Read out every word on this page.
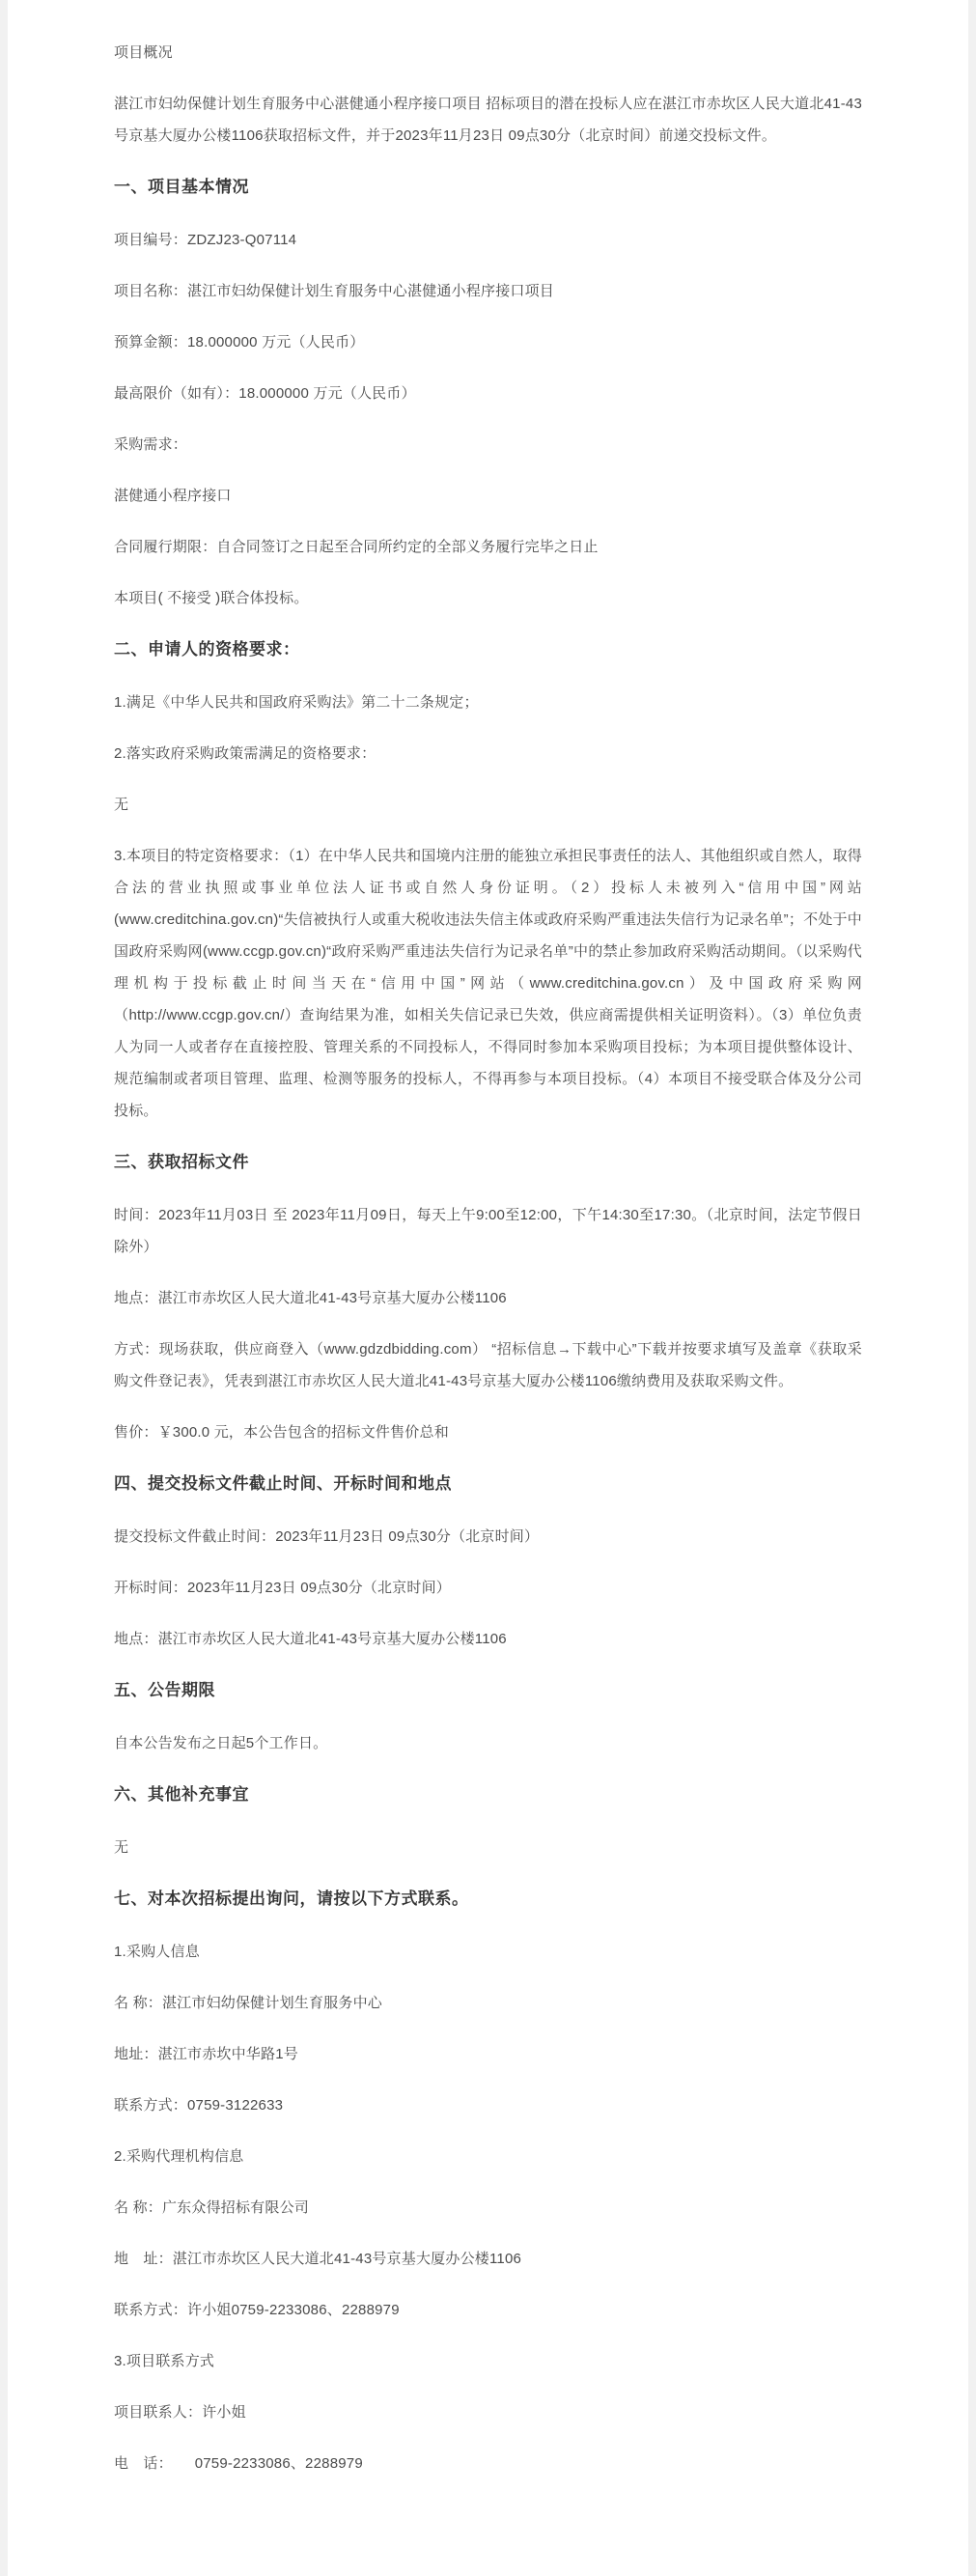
项目概况

湛江市妇幼保健计划生育服务中心湛健通小程序接口项目 招标项目的潜在投标人应在湛江市赤坎区人民大道北41-43号京基大厦办公楼1106获取招标文件，并于2023年11月23日 09点30分（北京时间）前递交投标文件。

一、项目基本情况

项目编号：ZDZJ23-Q07114

项目名称：湛江市妇幼保健计划生育服务中心湛健通小程序接口项目

预算金额：18.000000 万元（人民币）

最高限价（如有）：18.000000 万元（人民币）

采购需求：

湛健通小程序接口

合同履行期限：自合同签订之日起至合同所约定的全部义务履行完毕之日止

本项目( 不接受 )联合体投标。

二、申请人的资格要求：

1.满足《中华人民共和国政府采购法》第二十二条规定；

2.落实政府采购政策需满足的资格要求：

无

3.本项目的特定资格要求：（1）在中华人民共和国境内注册的能独立承担民事责任的法人、其他组织或自然人，取得合法的营业执照或事业单位法人证书或自然人身份证明。（2）投标人未被列入“信用中国”网站(www.creditchina.gov.cn)“失信被执行人或重大税收违法失信主体或政府采购严重违法失信行为记录名单”；不处于中国政府采购网(www.ccgp.gov.cn)“政府采购严重违法失信行为记录名单”中的禁止参加政府采购活动期间。（以采购代理机构于投标截止时间当天在“信用中国”网站（www.creditchina.gov.cn）及中国政府采购网（http://www.ccgp.gov.cn/）查询结果为准，如相关失信记录已失效，供应商需提供相关证明资料）。（3）单位负责人为同一人或者存在直接控股、管理关系的不同投标人，不得同时参加本采购项目投标；为本项目提供整体设计、规范编制或者项目管理、监理、检测等服务的投标人，不得再参与本项目投标。（4）本项目不接受联合体及分公司投标。

三、获取招标文件

时间：2023年11月03日 至 2023年11月09日，每天上午9:00至12:00，下午14:30至17:30。（北京时间，法定节假日除外）

地点：湛江市赤坎区人民大道北41-43号京基大厦办公楼1106

方式：现场获取，供应商登入（www.gdzdbidding.com） “招标信息→下载中心”下载并按要求填写及盖章《获取采购文件登记表》，凭表到湛江市赤坎区人民大道北41-43号京基大厦办公楼1106缴纳费用及获取采购文件。

售价：￥300.0 元，本公告包含的招标文件售价总和

四、提交投标文件截止时间、开标时间和地点

提交投标文件截止时间：2023年11月23日 09点30分（北京时间）

开标时间：2023年11月23日 09点30分（北京时间）

地点：湛江市赤坎区人民大道北41-43号京基大厦办公楼1106

五、公告期限

自本公告发布之日起5个工作日。

六、其他补充事宜

无

七、对本次招标提出询问，请按以下方式联系。

1.采购人信息

名 称：湛江市妇幼保健计划生育服务中心

地址：湛江市赤坎中华路1号

联系方式：0759-3122633

2.采购代理机构信息

名 称：广东众得招标有限公司

地　址：湛江市赤坎区人民大道北41-43号京基大厦办公楼1106

联系方式：许小姐0759-2233086、2288979

3.项目联系方式

项目联系人：许小姐

电　话：　　0759-2233086、2288979
